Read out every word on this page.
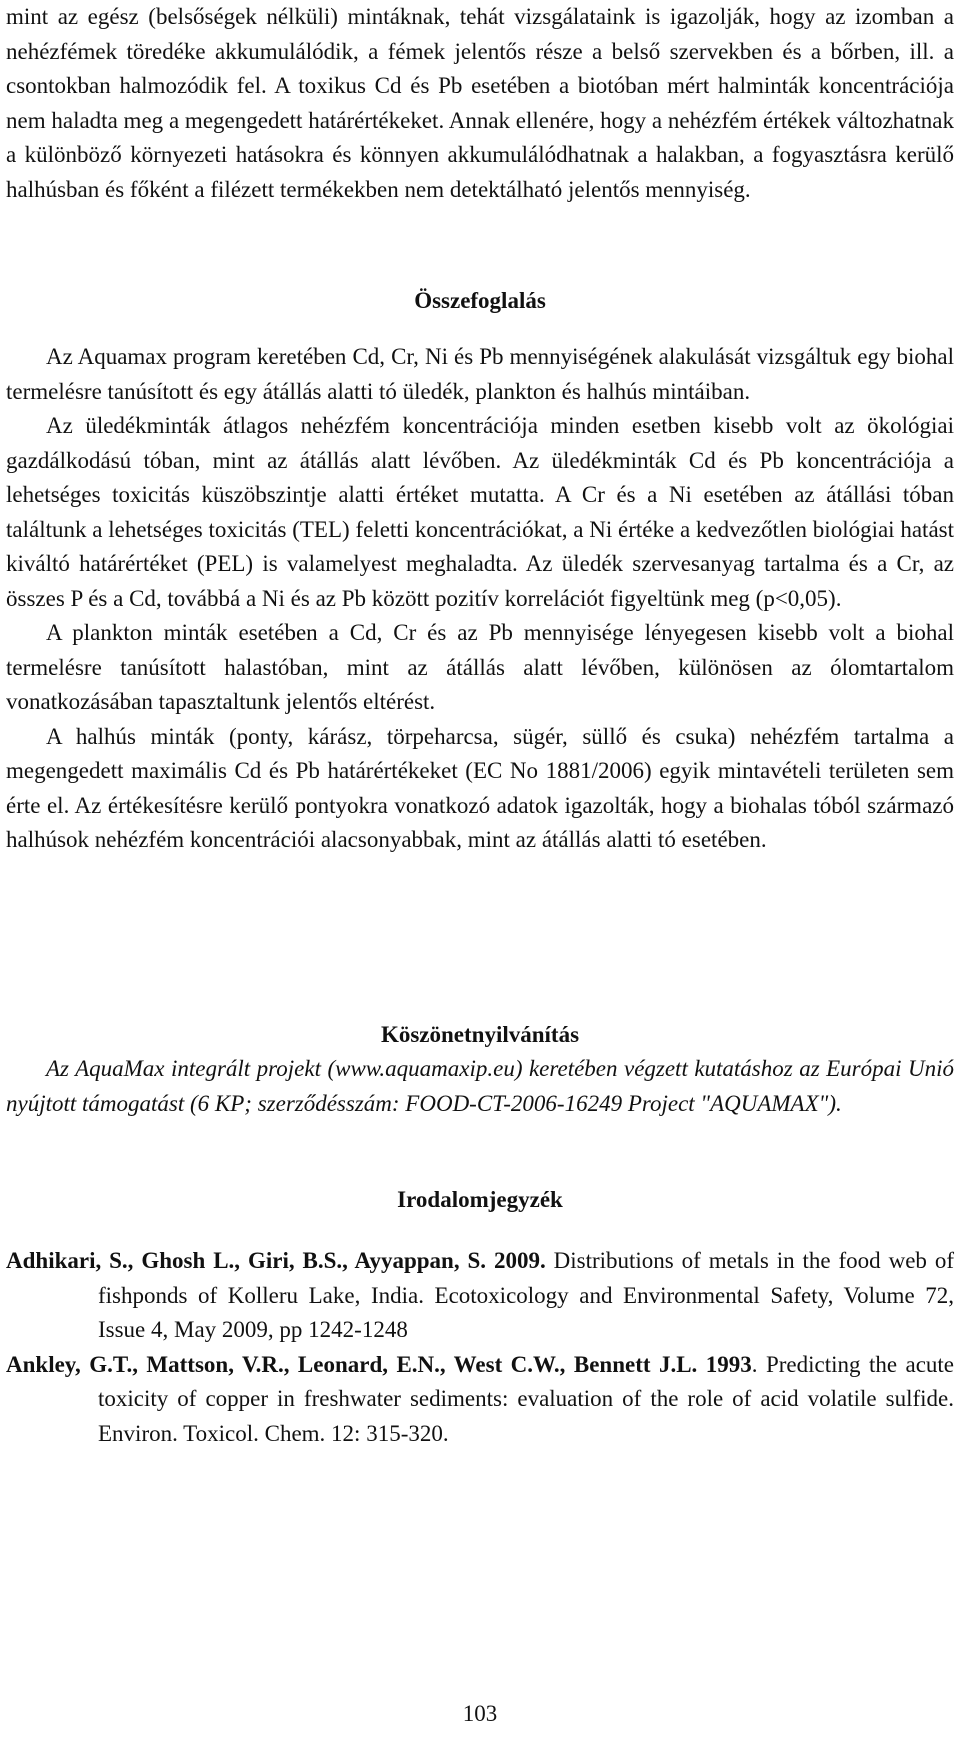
mint az egész (belsőségek nélküli) mintáknak, tehát vizsgálataink is igazolják, hogy az izomban a nehézfémek töredéke akkumulálódik, a fémek jelentős része a belső szervekben és a bőrben, ill. a csontokban halmozódik fel. A toxikus Cd és Pb esetében a biotóban mért halminták koncentrációja nem haladta meg a megengedett határértékeket. Annak ellenére, hogy a nehézfém értékek változhatnak a különböző környezeti hatásokra és könnyen akkumulálódhatnak a halakban, a fogyasztásra kerülő halhúsban és főként a filézett termékekben nem detektálható jelentős mennyiség.

Összefoglalás

Az Aquamax program keretében Cd, Cr, Ni és Pb mennyiségének alakulását vizsgáltuk egy biohal termelésre tanúsított és egy átállás alatti tó üledék, plankton és halhús mintáiban.

Az üledékminták átlagos nehézfém koncentrációja minden esetben kisebb volt az ökológiai gazdálkodású tóban, mint az átállás alatt lévőben. Az üledékminták Cd és Pb koncentrációja a lehetséges toxicitás küszöbszintje alatti értéket mutatta. A Cr és a Ni esetében az átállási tóban találtunk a lehetséges toxicitás (TEL) feletti koncentrációkat, a Ni értéke a kedvezőtlen biológiai hatást kiváltó határértéket (PEL) is valamelyest meghaladta. Az üledék szervesanyag tartalma és a Cr, az összes P és a Cd, továbbá a Ni és az Pb között pozitív korrelációt figyeltünk meg (p<0,05).

A plankton minták esetében a Cd, Cr és az Pb mennyisége lényegesen kisebb volt a biohal termelésre tanúsított halastóban, mint az átállás alatt lévőben, különösen az ólomtartalom vonatkozásában tapasztaltunk jelentős eltérést.

A halhús minták (ponty, kárász, törpeharcsa, sügér, süllő és csuka) nehézfém tartalma a megengedett maximális Cd és Pb határértékeket (EC No 1881/2006) egyik mintavételi területen sem érte el. Az értékesítésre kerülő pontyokra vonatkozó adatok igazolták, hogy a biohalas tóból származó halhúsok nehézfém koncentrációi alacsonyabbak, mint az átállás alatti tó esetében.

Köszönetnyilvánítás

Az AquaMax integrált projekt (www.aquamaxip.eu) keretében végzett kutatáshoz az Európai Unió nyújtott támogatást (6 KP; szerződésszám: FOOD-CT-2006-16249 Project "AQUAMAX").

Irodalomjegyzék

Adhikari, S., Ghosh L., Giri, B.S., Ayyappan, S. 2009. Distributions of metals in the food web of fishponds of Kolleru Lake, India. Ecotoxicology and Environmental Safety, Volume 72, Issue 4, May 2009, pp 1242-1248

Ankley, G.T., Mattson, V.R., Leonard, E.N., West C.W., Bennett J.L. 1993. Predicting the acute toxicity of copper in freshwater sediments: evaluation of the role of acid volatile sulfide. Environ. Toxicol. Chem. 12: 315-320.

103
